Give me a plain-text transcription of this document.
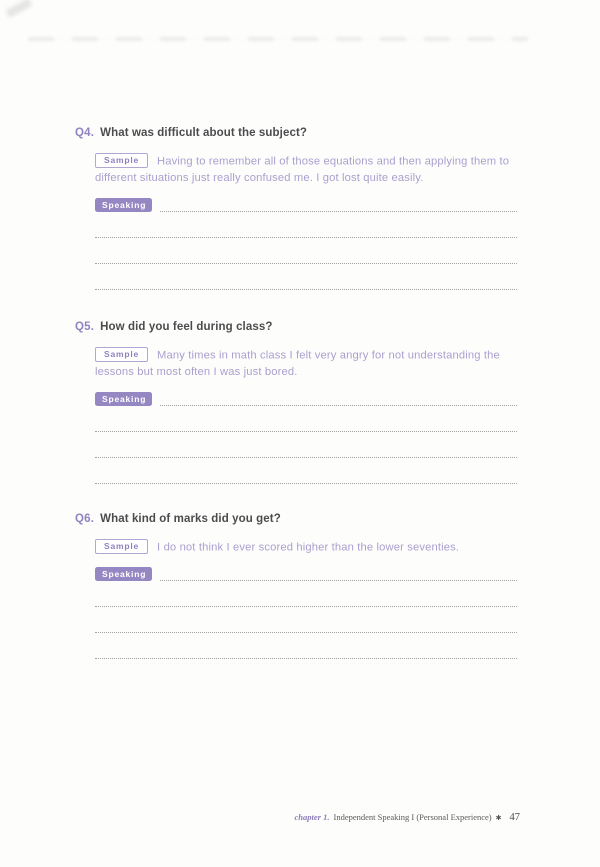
Q4. What was difficult about the subject?

Sample Having to remember all of those equations and then applying them to different situations just really confused me. I got lost quite easily.

Speaking
Q5. How did you feel during class?

Sample Many times in math class I felt very angry for not understanding the lessons but most often I was just bored.

Speaking
Q6. What kind of marks did you get?

Sample I do not think I ever scored higher than the lower seventies.

Speaking
chapter 1. Independent Speaking I (Personal Experience) ✱ 47
